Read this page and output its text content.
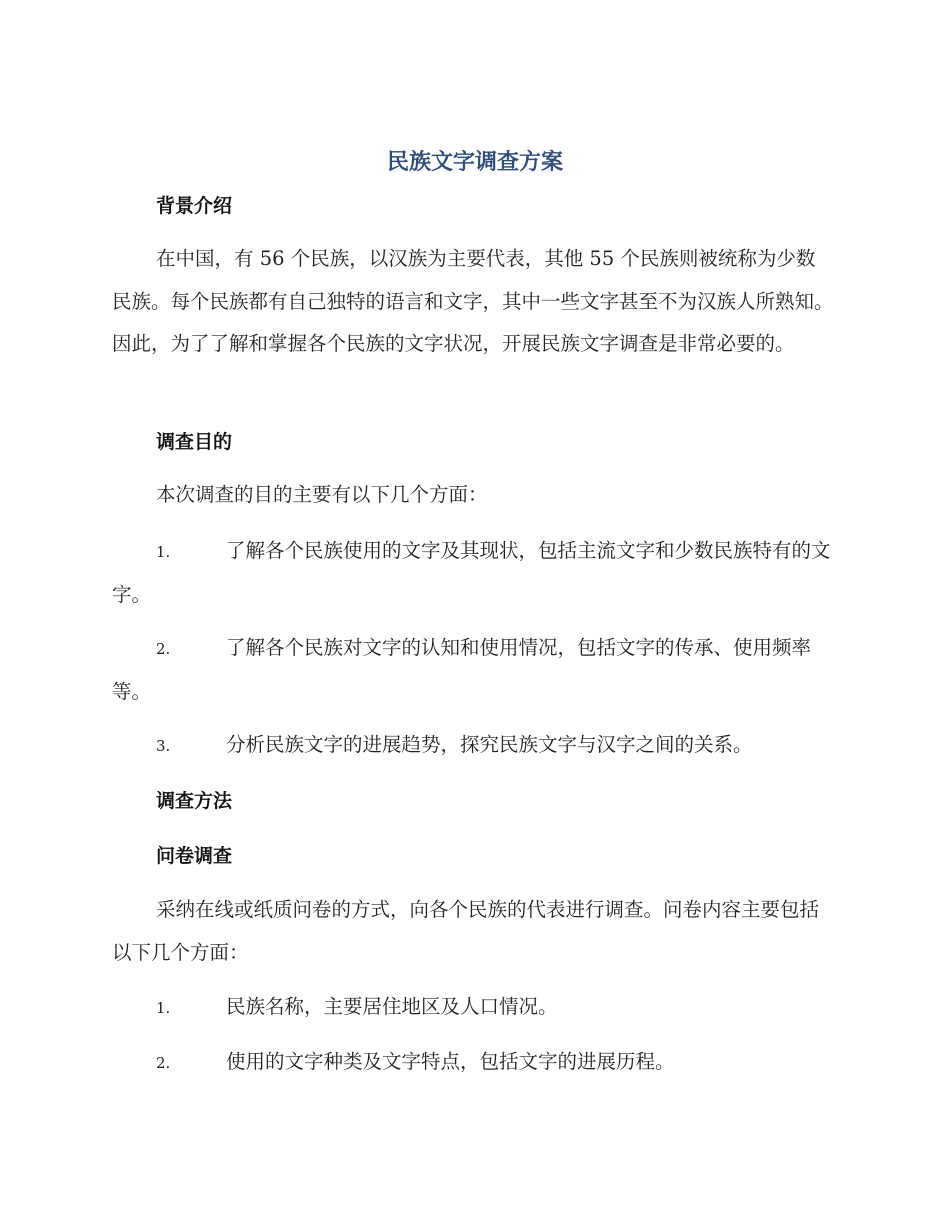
民族文字调查方案
背景介绍
在中国，有 56 个民族，以汉族为主要代表，其他 55 个民族则被统称为少数民族。每个民族都有自己独特的语言和文字，其中一些文字甚至不为汉族人所熟知。因此，为了了解和掌握各个民族的文字状况，开展民族文字调查是非常必要的。
调查目的
本次调查的目的主要有以下几个方面：
1.	了解各个民族使用的文字及其现状，包括主流文字和少数民族特有的文字。
2.	了解各个民族对文字的认知和使用情况，包括文字的传承、使用频率等。
3.	分析民族文字的进展趋势，探究民族文字与汉字之间的关系。
调查方法
问卷调查
采纳在线或纸质问卷的方式，向各个民族的代表进行调查。问卷内容主要包括以下几个方面：
1.	民族名称，主要居住地区及人口情况。
2.	使用的文字种类及文字特点，包括文字的进展历程。
